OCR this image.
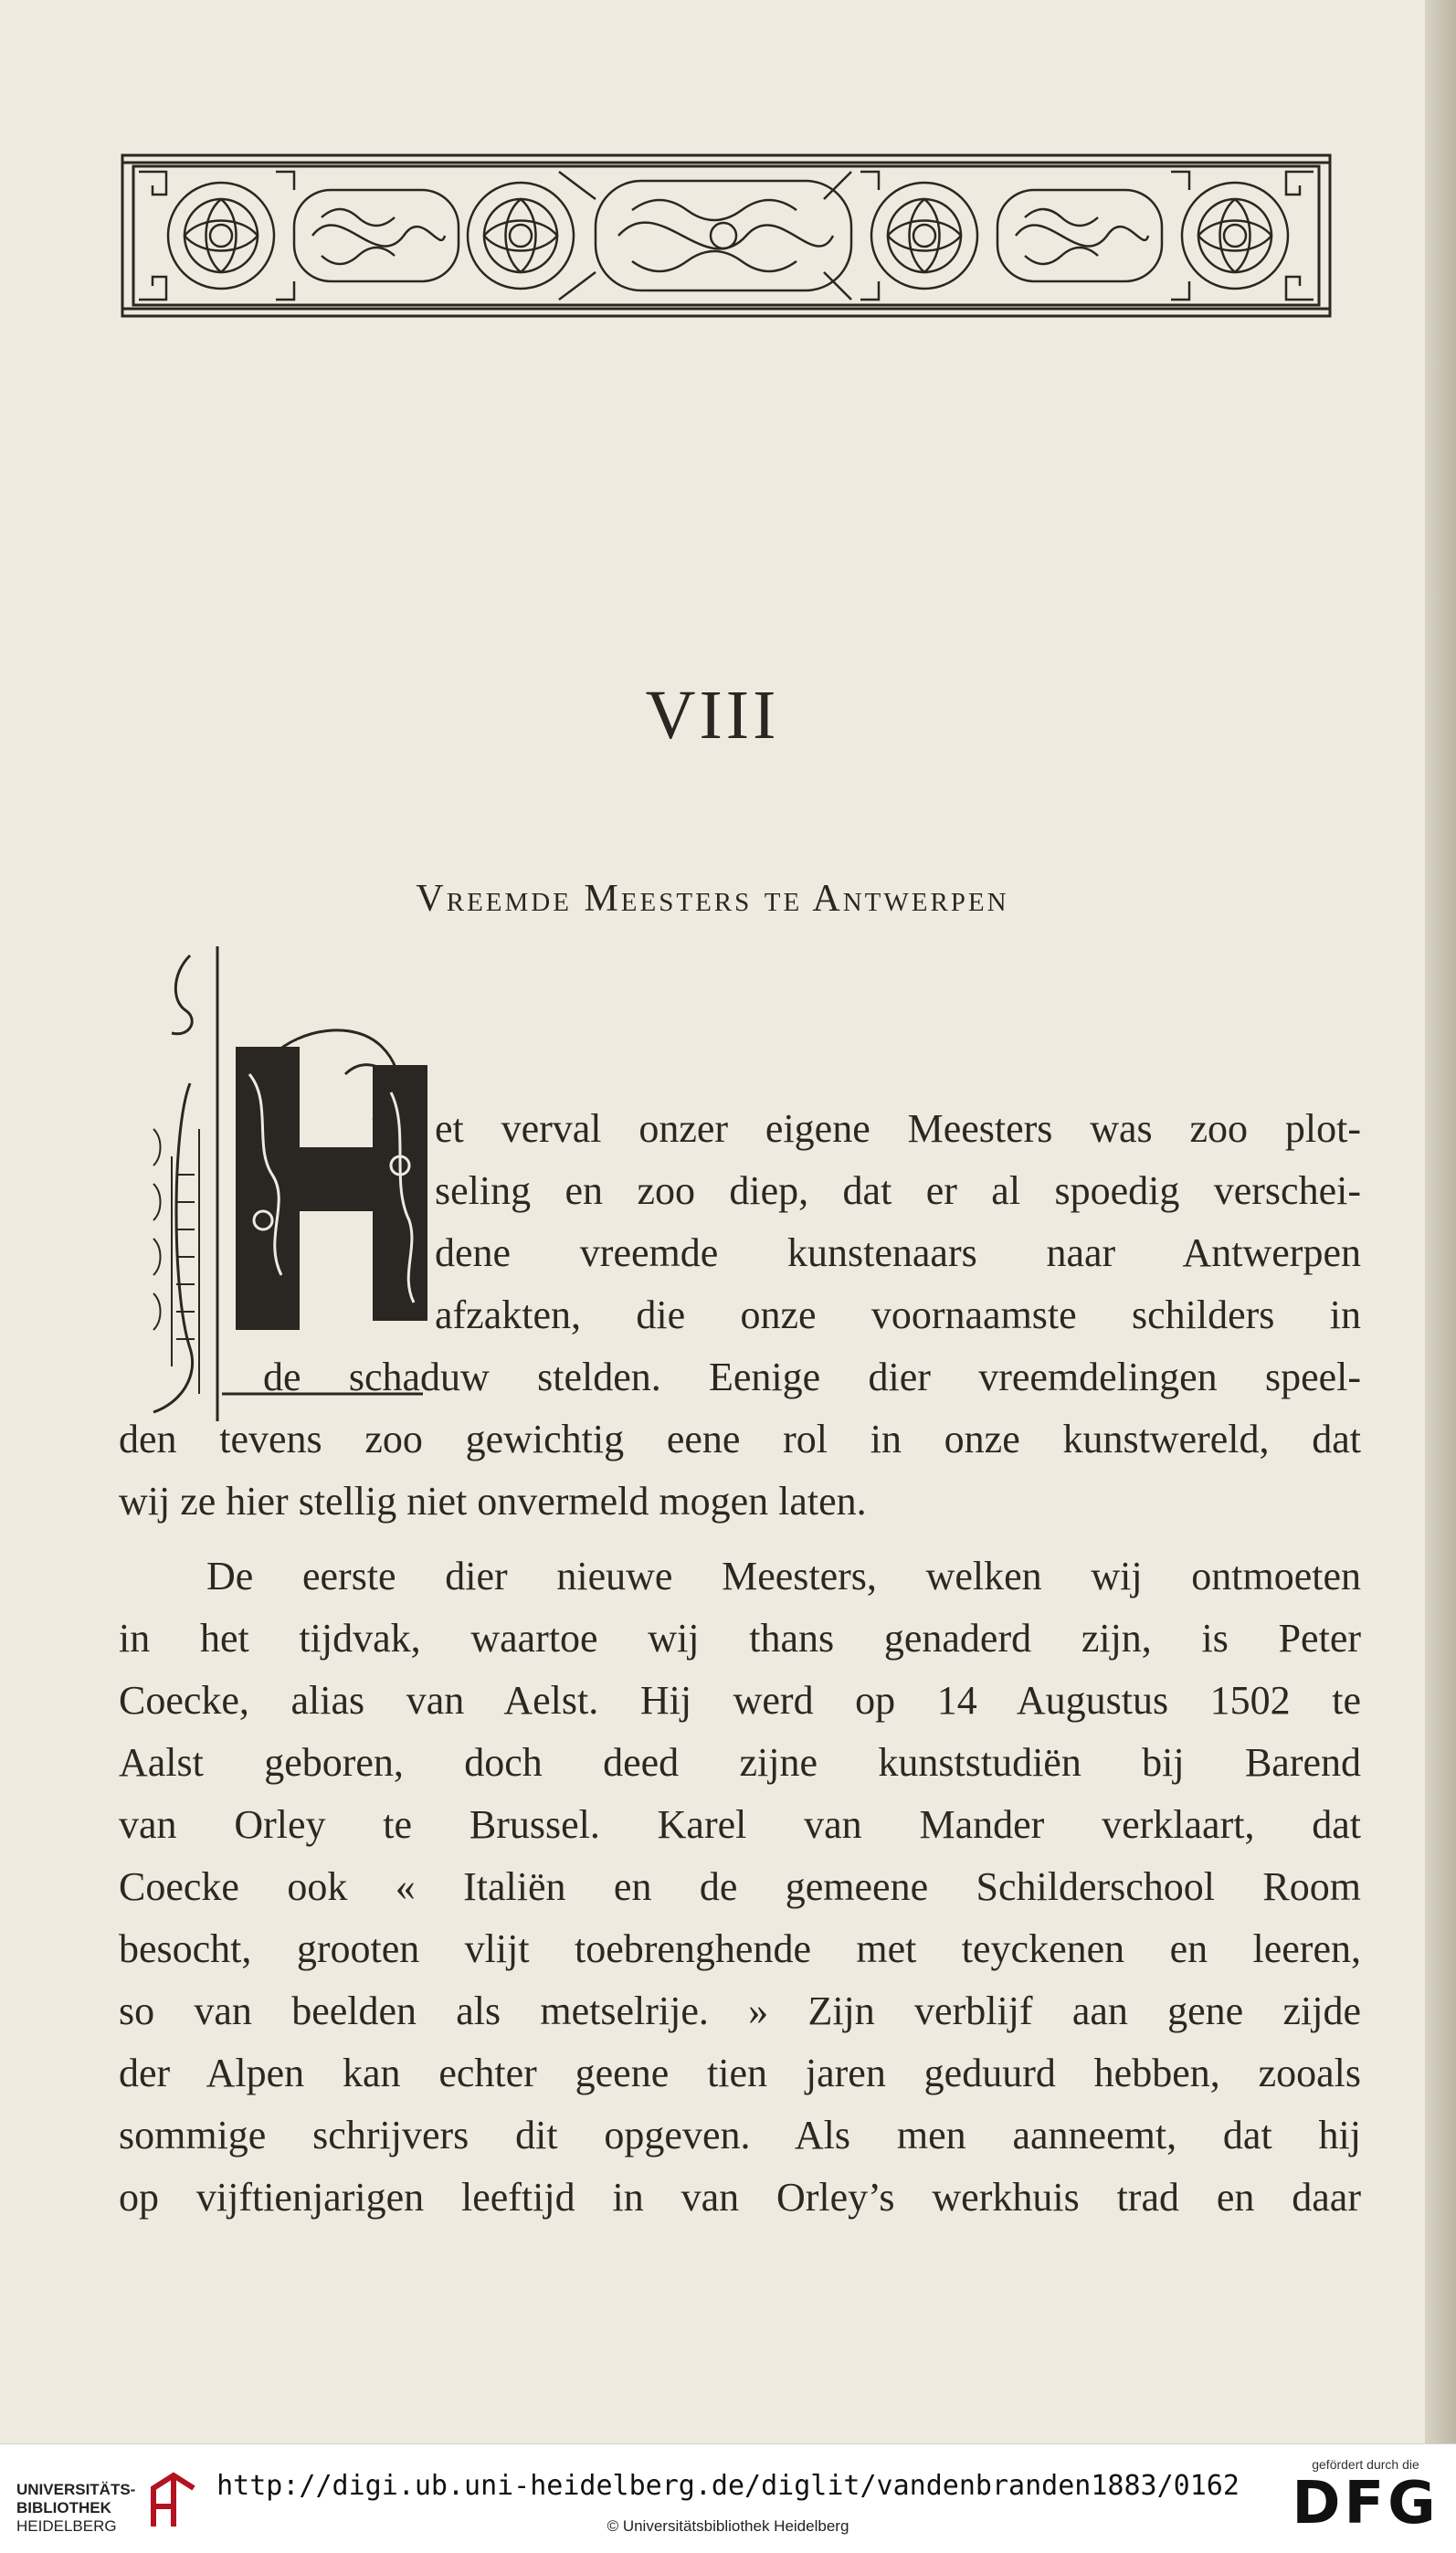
VIII
Vreemde Meesters te Antwerpen
et verval onzer eigene Meesters was zoo plot-
seling en zoo diep, dat er al spoedig verschei-
dene vreemde kunstenaars naar Antwerpen
afzakten, die onze voornaamste schilders in
de schaduw stelden. Eenige dier vreemdelingen speel-
den tevens zoo gewichtig eene rol in onze kunstwereld, dat
wij ze hier stellig niet onvermeld mogen laten.
De eerste dier nieuwe Meesters, welken wij ontmoeten
in het tijdvak, waartoe wij thans genaderd zijn, is Peter
Coecke, alias van Aelst. Hij werd op 14 Augustus 1502 te
Aalst geboren, doch deed zijne kunststudiën bij Barend
van Orley te Brussel. Karel van Mander verklaart, dat
Coecke ook « Italiën en de gemeene Schilderschool Room
besocht, grooten vlijt toebrenghende met teyckenen en leeren,
so van beelden als metselrije. » Zijn verblijf aan gene zijde
der Alpen kan echter geene tien jaren geduurd hebben, zooals
sommige schrijvers dit opgeven. Als men aanneemt, dat hij
op vijftienjarigen leeftijd in van Orley’s werkhuis trad en daar
UNIVERSITÄTS-
BIBLIOTHEK
HEIDELBERG
http://digi.ub.uni-heidelberg.de/diglit/vandenbranden1883/0162
© Universitätsbibliothek Heidelberg
gefördert durch die
DFG
